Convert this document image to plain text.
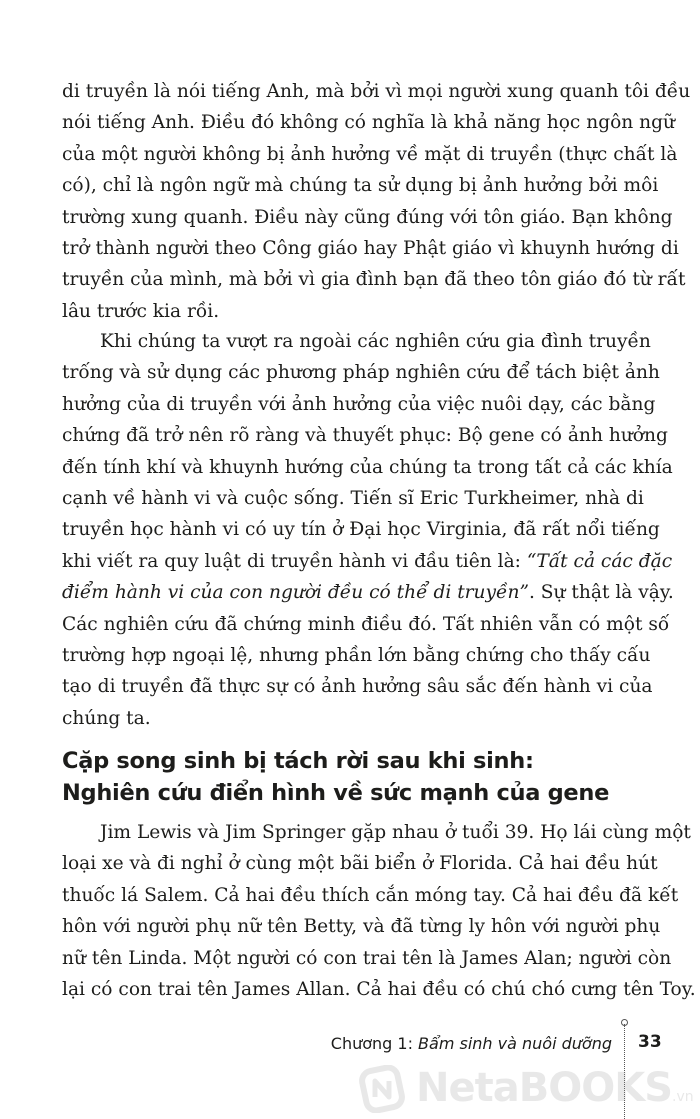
di truyền là nói tiếng Anh, mà bởi vì mọi người xung quanh tôi đều
nói tiếng Anh. Điều đó không có nghĩa là khả năng học ngôn ngữ
của một người không bị ảnh hưởng về mặt di truyền (thực chất là
có), chỉ là ngôn ngữ mà chúng ta sử dụng bị ảnh hưởng bởi môi
trường xung quanh. Điều này cũng đúng với tôn giáo. Bạn không
trở thành người theo Công giáo hay Phật giáo vì khuynh hướng di
truyền của mình, mà bởi vì gia đình bạn đã theo tôn giáo đó từ rất
lâu trước kia rồi.
Khi chúng ta vượt ra ngoài các nghiên cứu gia đình truyền
trống và sử dụng các phương pháp nghiên cứu để tách biệt ảnh
hưởng của di truyền với ảnh hưởng của việc nuôi dạy, các bằng
chứng đã trở nên rõ ràng và thuyết phục: Bộ gene có ảnh hưởng
đến tính khí và khuynh hướng của chúng ta trong tất cả các khía
cạnh về hành vi và cuộc sống. Tiến sĩ Eric Turkheimer, nhà di
truyền học hành vi có uy tín ở Đại học Virginia, đã rất nổi tiếng
khi viết ra quy luật di truyền hành vi đầu tiên là: “Tất cả các đặc
điểm hành vi của con người đều có thể di truyền”. Sự thật là vậy.
Các nghiên cứu đã chứng minh điều đó. Tất nhiên vẫn có một số
trường hợp ngoại lệ, nhưng phần lớn bằng chứng cho thấy cấu
tạo di truyền đã thực sự có ảnh hưởng sâu sắc đến hành vi của
chúng ta.
Cặp song sinh bị tách rời sau khi sinh:
Nghiên cứu điển hình về sức mạnh của gene
Jim Lewis và Jim Springer gặp nhau ở tuổi 39. Họ lái cùng một
loại xe và đi nghỉ ở cùng một bãi biển ở Florida. Cả hai đều hút
thuốc lá Salem. Cả hai đều thích cắn móng tay. Cả hai đều đã kết
hôn với người phụ nữ tên Betty, và đã từng ly hôn với người phụ
nữ tên Linda. Một người có con trai tên là James Alan; người còn
lại có con trai tên James Allan. Cả hai đều có chú chó cưng tên Toy.
Chương 1: Bẩm sinh và nuôi dưỡng 33
NetaBOOKS.vn
